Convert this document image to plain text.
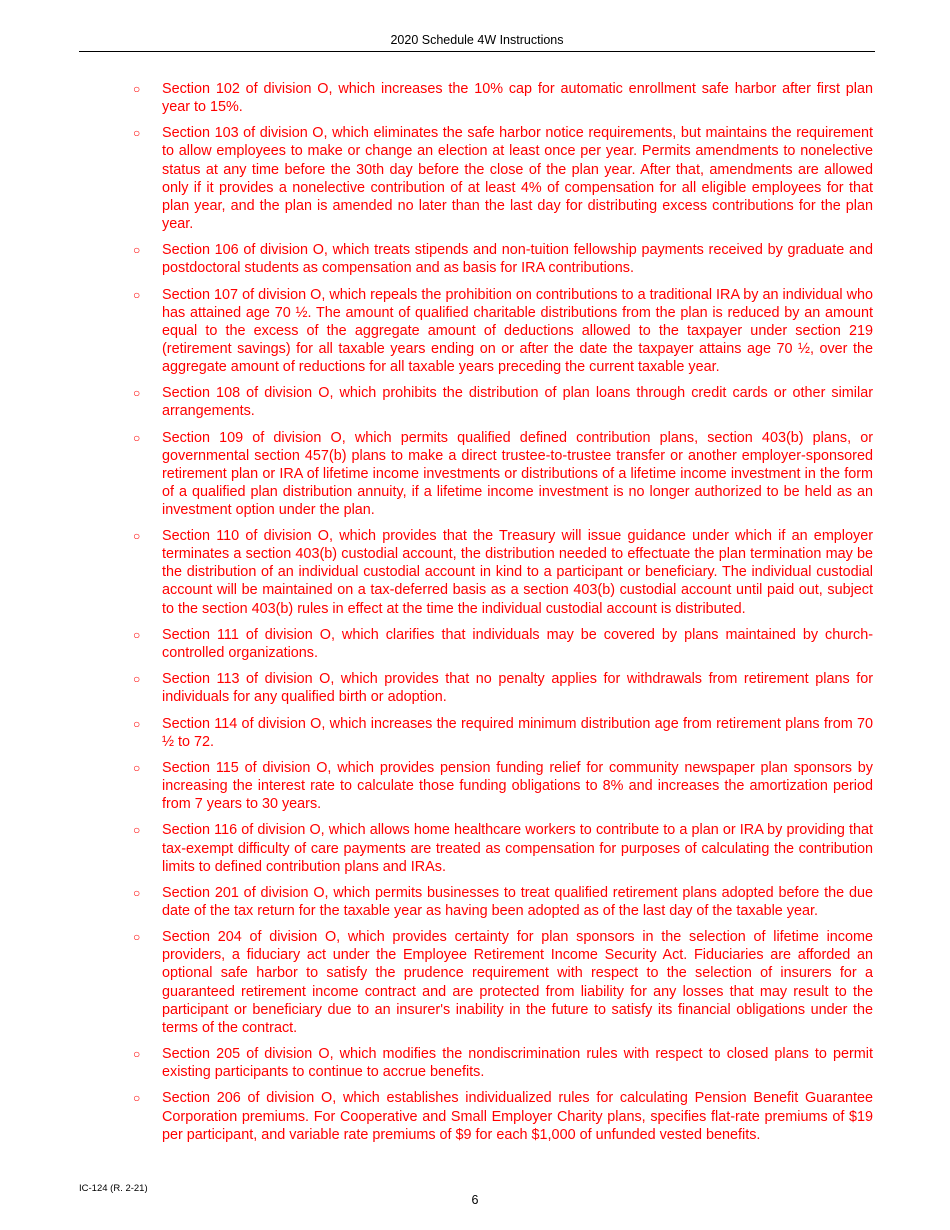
2020 Schedule 4W Instructions
○ Section 102 of division O, which increases the 10% cap for automatic enrollment safe harbor after first plan year to 15%.
○ Section 103 of division O, which eliminates the safe harbor notice requirements, but maintains the requirement to allow employees to make or change an election at least once per year. Permits amendments to nonelective status at any time before the 30th day before the close of the plan year. After that, amendments are allowed only if it provides a nonelective contribution of at least 4% of compensation for all eligible employees for that plan year, and the plan is amended no later than the last day for distributing excess contributions for the plan year.
○ Section 106 of division O, which treats stipends and non-tuition fellowship payments received by graduate and postdoctoral students as compensation and as basis for IRA contributions.
○ Section 107 of division O, which repeals the prohibition on contributions to a traditional IRA by an individual who has attained age 70 ½. The amount of qualified charitable distributions from the plan is reduced by an amount equal to the excess of the aggregate amount of deductions allowed to the taxpayer under section 219 (retirement savings) for all taxable years ending on or after the date the taxpayer attains age 70 ½, over the aggregate amount of reductions for all taxable years preceding the current taxable year.
○ Section 108 of division O, which prohibits the distribution of plan loans through credit cards or other similar arrangements.
○ Section 109 of division O, which permits qualified defined contribution plans, section 403(b) plans, or governmental section 457(b) plans to make a direct trustee-to-trustee transfer or another employer-sponsored retirement plan or IRA of lifetime income investments or distributions of a lifetime income investment in the form of a qualified plan distribution annuity, if a lifetime income investment is no longer authorized to be held as an investment option under the plan.
○ Section 110 of division O, which provides that the Treasury will issue guidance under which if an employer terminates a section 403(b) custodial account, the distribution needed to effectuate the plan termination may be the distribution of an individual custodial account in kind to a participant or beneficiary. The individual custodial account will be maintained on a tax-deferred basis as a section 403(b) custodial account until paid out, subject to the section 403(b) rules in effect at the time the individual custodial account is distributed.
○ Section 111 of division O, which clarifies that individuals may be covered by plans maintained by church-controlled organizations.
○ Section 113 of division O, which provides that no penalty applies for withdrawals from retirement plans for individuals for any qualified birth or adoption.
○ Section 114 of division O, which increases the required minimum distribution age from retirement plans from 70 ½ to 72.
○ Section 115 of division O, which provides pension funding relief for community newspaper plan sponsors by increasing the interest rate to calculate those funding obligations to 8% and increases the amortization period from 7 years to 30 years.
○ Section 116 of division O, which allows home healthcare workers to contribute to a plan or IRA by providing that tax-exempt difficulty of care payments are treated as compensation for purposes of calculating the contribution limits to defined contribution plans and IRAs.
○ Section 201 of division O, which permits businesses to treat qualified retirement plans adopted before the due date of the tax return for the taxable year as having been adopted as of the last day of the taxable year.
○ Section 204 of division O, which provides certainty for plan sponsors in the selection of lifetime income providers, a fiduciary act under the Employee Retirement Income Security Act. Fiduciaries are afforded an optional safe harbor to satisfy the prudence requirement with respect to the selection of insurers for a guaranteed retirement income contract and are protected from liability for any losses that may result to the participant or beneficiary due to an insurer's inability in the future to satisfy its financial obligations under the terms of the contract.
○ Section 205 of division O, which modifies the nondiscrimination rules with respect to closed plans to permit existing participants to continue to accrue benefits.
○ Section 206 of division O, which establishes individualized rules for calculating Pension Benefit Guarantee Corporation premiums. For Cooperative and Small Employer Charity plans, specifies flat-rate premiums of $19 per participant, and variable rate premiums of $9 for each $1,000 of unfunded vested benefits.
IC-124 (R. 2-21)
6
